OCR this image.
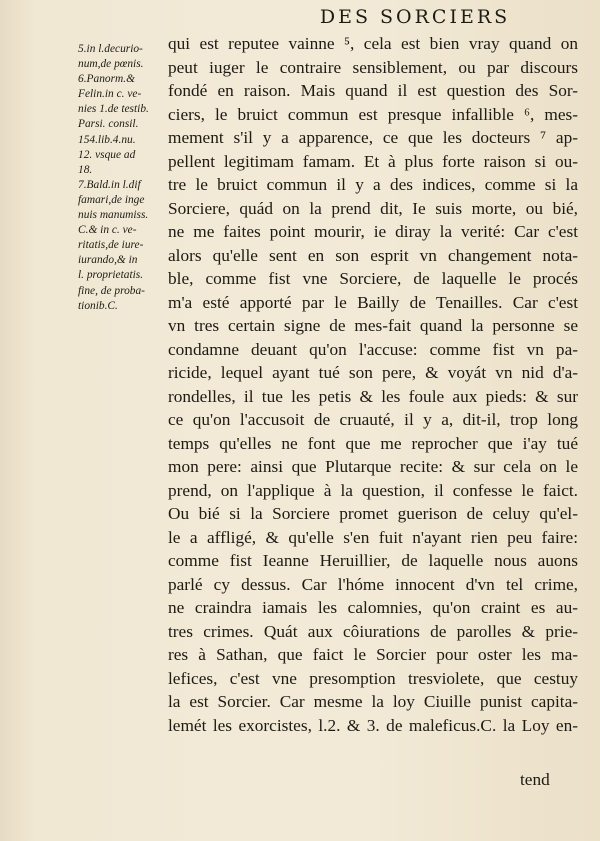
DES SORCIERS
5.in l.decurio-
num,de pœnis.
6.Panorm.&
Felin.in c. ve-
nies 1.de testib.
Parsi. consil.
154.lib.4.nu.
12. vsque ad
18.
7.Bald.in l.dif
famari,de inge
nuis manumiss.
C.& in c. ve-
ritatis,de iure-
iurando,& in
l. proprietatis.
fine, de proba-
tionib.C.
qui est reputee vainne ⁵, cela est bien vray quand on
peut iuger le contraire sensiblement, ou par discours
fondé en raison. Mais quand il est question des Sor-
ciers, le bruict commun est presque infallible ⁶, mes-
mement s'il y a apparence, ce que les docteurs ⁷ ap-
pellent legitimam famam. Et à plus forte raison si ou-
tre le bruict commun il y a des indices, comme si la
Sorciere, quád on la prend dit, Ie suis morte, ou bié,
ne me faites point mourir, ie diray la verité: Car c'est
alors qu'elle sent en son esprit vn changement nota-
ble, comme fist vne Sorciere, de laquelle le procés
m'a esté apporté par le Bailly de Tenailles. Car c'est
vn tres certain signe de mes-fait quand la personne se
condamne deuant qu'on l'accuse: comme fist vn pa-
ricide, lequel ayant tué son pere, & voyát vn nid d'a-
rondelles, il tue les petis & les foule aux pieds: & sur
ce qu'on l'accusoit de cruauté, il y a, dit-il, trop long
temps qu'elles ne font que me reprocher que i'ay tué
mon pere: ainsi que Plutarque recite: & sur cela on le
prend, on l'applique à la question, il confesse le faict.
Ou bié si la Sorciere promet guerison de celuy qu'el-
le a affligé, & qu'elle s'en fuit n'ayant rien peu faire:
comme fist Ieanne Heruillier, de laquelle nous auons
parlé cy dessus. Car l'hóme innocent d'vn tel crime,
ne craindra iamais les calomnies, qu'on craint es au-
tres crimes. Quát aux côiurations de parolles & prie-
res à Sathan, que faict le Sorcier pour oster les ma-
lefices, c'est vne presomption tresviolete, que cestuy
la est Sorcier. Car mesme la loy Ciuille punist capita-
lemét les exorcistes, l.2. & 3. de maleficus.C. la Loy en-
tend
